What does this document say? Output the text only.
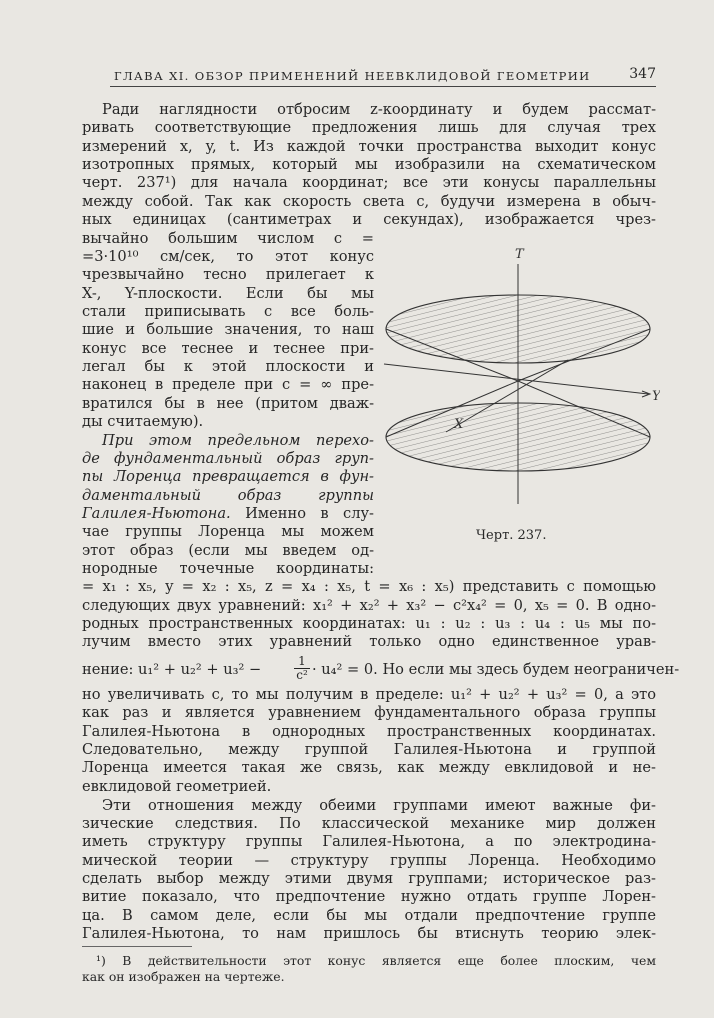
ГЛАВА XI. ОБЗОР ПРИМЕНЕНИЙ НЕЕВКЛИДОВОЙ ГЕОМЕТРИИ	347

Ради наглядности отбросим z-координату и будем рассмат-

ривать соответствующие предложения лишь для случая трех

измерений x, y, t. Из каждой точки пространства выходит конус

изотропных прямых, который мы изобразили на схематическом

черт. 237¹) для начала координат; все эти конусы параллельны

между собой. Так как скорость света c, будучи измерена в обыч-

ных единицах (сантиметрах и секундах), изображается чрез-

вычайно большим числом c =

=3·10¹⁰ см/сек, то этот конус

чрезвычайно тесно прилегает к

X-, Y-плоскости. Если бы мы

стали приписывать c все боль-

шие и большие значения, то наш

конус все теснее и теснее при-

легал бы к этой плоскости и

наконец в пределе при c = ∞ пре-

вратился бы в нее (притом дваж-

ды считаемую).

При этом предельном перехо-

де фундаментальный образ груп-

пы Лоренца превращается в фун-

даментальный образ группы

Галилея-Ньютона. Именно в слу-

чае группы Лоренца мы можем

этот образ (если мы введем од-

нородные точечные координаты:

= x₁ : x₅, y = x₂ : x₅, z = x₄ : x₅, t = x₆ : x₅) представить с помощью

следующих двух уравнений: x₁² + x₂² + x₃² − c²x₄² = 0, x₅ = 0. В одно-

родных пространственных координатах: u₁ : u₂ : u₃ : u₄ : u₅ мы по-

лучим вместо этих уравнений только одно единственное урав-

нение: u₁² + u₂² + u₃² −	$\frac{1}{\text{c²}} \cdot u_4^2 = 0$. Но если мы здесь будем неограничен-

но увеличивать c, то мы получим в пределе: u₁² + u₂² + u₃² = 0, а это

как раз и является уравнением фундаментального образа группы

Галилея-Ньютона в однородных пространственных координатах.

Следовательно, между группой Галилея-Ньютона и группой

Лоренца имеется такая же связь, как между евклидовой и не-

евклидовой геометрией.

Эти отношения между обеими группами имеют важные фи-

зические следствия. По классической механике мир должен

иметь структуру группы Галилея-Ньютона, а по электродина-

мической теории — структуру группы Лоренца. Необходимо

сделать выбор между этими двумя группами; историческое раз-

витие показало, что предпочтение нужно отдать группе Лорен-

ца. В самом деле, если бы мы отдали предпочтение группе

Галилея-Ньютона, то нам пришлось бы втиснуть теорию элек-

T
Y
X
Черт. 237.

¹) В действительности этот конус является еще более плоским, чем
как он изображен на чертеже.
